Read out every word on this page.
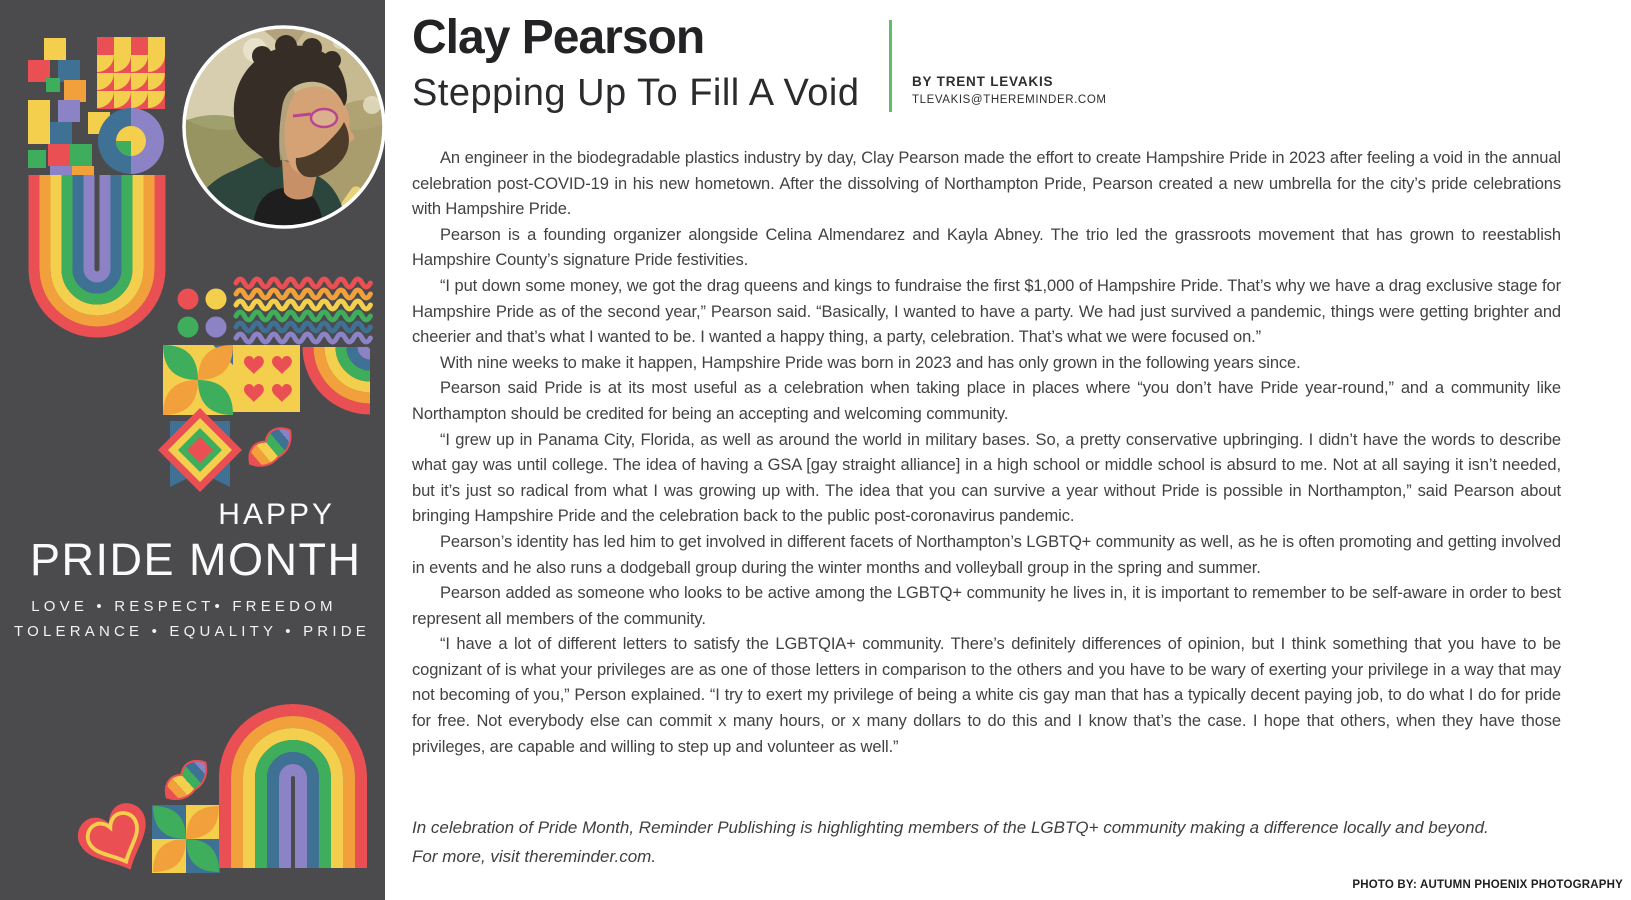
HAPPY
PRIDE MONTH
LOVE • RESPECT• FREEDOM
TOLERANCE • EQUALITY • PRIDE
Clay Pearson
Stepping Up To Fill A Void	BY TRENT LEVAKIS
TLEVAKIS@THEREMINDER.COM

An engineer in the biodegradable plastics industry by day, Clay Pearson made the effort to create Hampshire Pride in 2023 after feeling a void in the annual celebration post-COVID-19 in his new hometown. After the dissolving of Northampton Pride, Pearson created a new umbrella for the city’s pride celebrations with Hampshire Pride.

Pearson is a founding organizer alongside Celina Almendarez and Kayla Abney. The trio led the grassroots movement that has grown to reestablish Hampshire County’s signature Pride festivities.

“I put down some money, we got the drag queens and kings to fundraise the first $1,000 of Hampshire Pride. That’s why we have a drag exclusive stage for Hampshire Pride as of the second year,” Pearson said. “Basically, I wanted to have a party. We had just survived a pandemic, things were getting brighter and cheerier and that’s what I wanted to be. I wanted a happy thing, a party, celebration. That’s what we were focused on.”

With nine weeks to make it happen, Hampshire Pride was born in 2023 and has only grown in the following years since.

Pearson said Pride is at its most useful as a celebration when taking place in places where “you don’t have Pride year-round,” and a community like Northampton should be credited for being an accepting and welcoming community.

“I grew up in Panama City, Florida, as well as around the world in military bases. So, a pretty conservative upbringing. I didn’t have the words to describe what gay was until college. The idea of having a GSA [gay straight alliance] in a high school or middle school is absurd to me. Not at all saying it isn’t needed, but it’s just so radical from what I was growing up with. The idea that you can survive a year without Pride is possible in Northampton,” said Pearson about bringing Hampshire Pride and the celebration back to the public post-coronavirus pandemic.

Pearson’s identity has led him to get involved in different facets of Northampton’s LGBTQ+ community as well, as he is often promoting and getting involved in events and he also runs a dodgeball group during the winter months and volleyball group in the spring and summer.

Pearson added as someone who looks to be active among the LGBTQ+ community he lives in, it is important to remember to be self-aware in order to best represent all members of the community.

“I have a lot of different letters to satisfy the LGBTQIA+ community. There’s definitely differences of opinion, but I think something that you have to be cognizant of is what your privileges are as one of those letters in comparison to the others and you have to be wary of exerting your privilege in a way that may not becoming of you,” Person explained. “I try to exert my privilege of being a white cis gay man that has a typically decent paying job, to do what I do for pride for free. Not everybody else can commit x many hours, or x many dollars to do this and I know that’s the case. I hope that others, when they have those privileges, are capable and willing to step up and volunteer as well.”

In celebration of Pride Month, Reminder Publishing is highlighting members of the LGBTQ+ community making a difference locally and beyond.

For more, visit thereminder.com.

PHOTO BY: AUTUMN PHOENIX PHOTOGRAPHY
